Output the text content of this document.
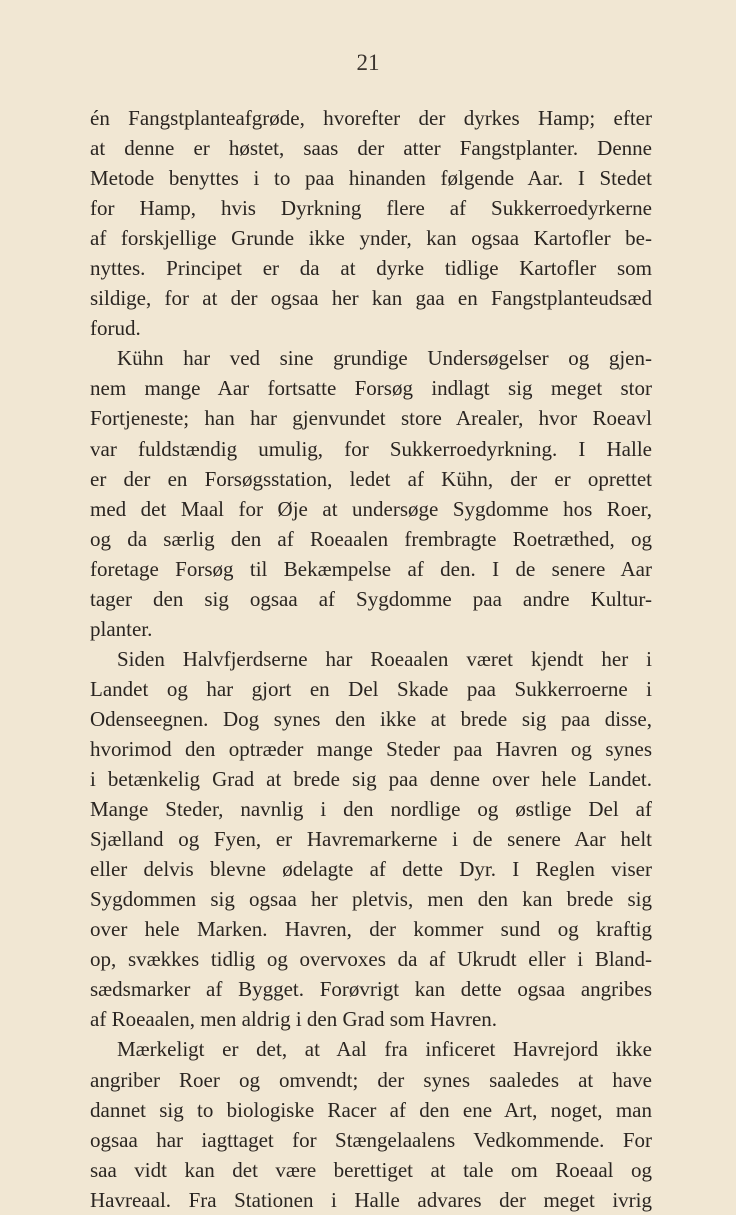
21
én Fangstplanteafgrøde, hvorefter der dyrkes Hamp; efter
at denne er høstet, saas der atter Fangstplanter. Denne
Metode benyttes i to paa hinanden følgende Aar. I Stedet
for Hamp, hvis Dyrkning flere af Sukkerroedyrkerne
af forskjellige Grunde ikke ynder, kan ogsaa Kartofler be-
nyttes. Principet er da at dyrke tidlige Kartofler som
sildige, for at der ogsaa her kan gaa en Fangstplanteudsæd
forud.
Kühn har ved sine grundige Undersøgelser og gjen-
nem mange Aar fortsatte Forsøg indlagt sig meget stor
Fortjeneste; han har gjenvundet store Arealer, hvor Roeavl
var fuldstændig umulig, for Sukkerroedyrkning. I Halle
er der en Forsøgsstation, ledet af Kühn, der er oprettet
med det Maal for Øje at undersøge Sygdomme hos Roer,
og da særlig den af Roeaalen frembragte Roetræthed, og
foretage Forsøg til Bekæmpelse af den. I de senere Aar
tager den sig ogsaa af Sygdomme paa andre Kultur-
planter.
Siden Halvfjerdserne har Roeaalen været kjendt her i
Landet og har gjort en Del Skade paa Sukkerroerne i
Odenseegnen. Dog synes den ikke at brede sig paa disse,
hvorimod den optræder mange Steder paa Havren og synes
i betænkelig Grad at brede sig paa denne over hele Landet.
Mange Steder, navnlig i den nordlige og østlige Del af
Sjælland og Fyen, er Havremarkerne i de senere Aar helt
eller delvis blevne ødelagte af dette Dyr. I Reglen viser
Sygdommen sig ogsaa her pletvis, men den kan brede sig
over hele Marken. Havren, der kommer sund og kraftig
op, svækkes tidlig og overvoxes da af Ukrudt eller i Bland-
sædsmarker af Bygget. Forøvrigt kan dette ogsaa angribes
af Roeaalen, men aldrig i den Grad som Havren.
Mærkeligt er det, at Aal fra inficeret Havrejord ikke
angriber Roer og omvendt; der synes saaledes at have
dannet sig to biologiske Racer af den ene Art, noget, man
ogsaa har iagttaget for Stængelaalens Vedkommende. For
saa vidt kan det være berettiget at tale om Roeaal og
Havreaal. Fra Stationen i Halle advares der meget ivrig
